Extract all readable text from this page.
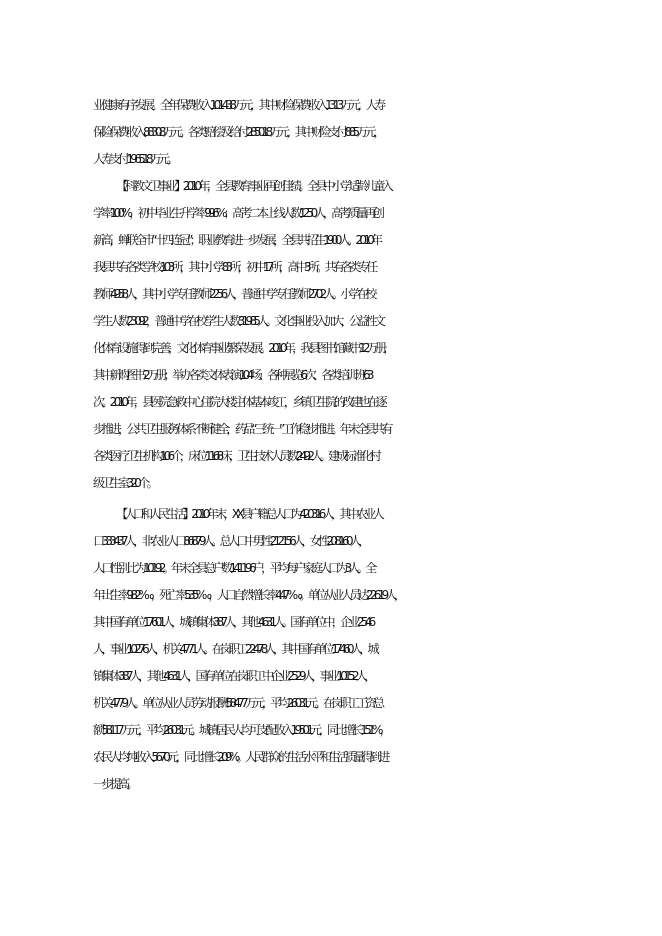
业健康有序发展。全年保费收入 10143.8 万元，其中财险保费收入 1313 万元，人寿
保险保费收入 8830.8 万元。各类赔偿及给付 2850.18 万元，其中财险支付 885 万元，
人寿支付 1965.18 万元。
【科教文卫事业】2010 年，全县教育事业再创佳绩。全县中小学适龄儿童入
学率 100%，初中毕业生升学率 99.6%；高考二本上线人数 1250 人，高考质量再创
新高，蝉联全市“十四连冠”；职业教育进一步发展，全县共招生 1900 人。2010 年
我县共有各类学校 103 所，其中小学 83 所，初中 17 所，高中 3 所。共有各类专任
教师 4958 人，其中小学专任教师 2256 人，普通中学专任教师 2702 人。小学在校
学生人数 23092，普通中学在校学生人数 31985 人。文化事业投入加大，公益性文
化体育设施得到完善，文化体育事业繁荣发展。 2010 年，我县图书馆藏书 12 万册，
其中新购图书 2 万册；举办各类文体表演 104 场、各种展览 6 次、各类培训班 63
次。2010 年，县医院急救中心住院大楼主体基本竣工，乡镇卫生院的改建也在逐
步推进，公共卫生服务体系不断健全，药品“三统一”工作稳步推进。年末全县共有
各类医疗卫生机构 106 个，床位 1168 床，卫生技术人员数 2492 人。建成标准化村
级卫生室 320 个。
【人口和人民生活 】 2010 年末，XX 县户籍总人口为 420316 人，其中农业人
口 333437 人，非农业人口 86879 人 。总人口中男性 212156 人，女性 208160 人，
人口性别比为 101.92。年末全县总户数 141196 户，平均每户家庭人口为 3 人。全
年出生率 9.82‰，死亡率 5.35‰，人口自然增长率 4.47‰。单位从业人员达 22619 人，
其中国有单位 17601 人，城镇集体 387 人，其他 4631 人。国有单位中，企业 2546
人，事业 10276 人，机关 4771 人。在岗职工 22478 人，其中国有单位 17460 人，城
镇集体 387 人，其他 4631 人，国有单位在岗职工中企业 2529 人，事业 10152 人，
机关 4779 人。单位从业人员劳动报酬 58477 万元，平均 26031 元。在岗职工工资总
额 58117 万元，平均 26031 元。城镇居民人均可支配收入 19501 元，同比增长 15.1%，
农民人均纯收入 5670 元，同比增长 20.9%。人民群众的生活水平和生活质量得到进
一步提高。
